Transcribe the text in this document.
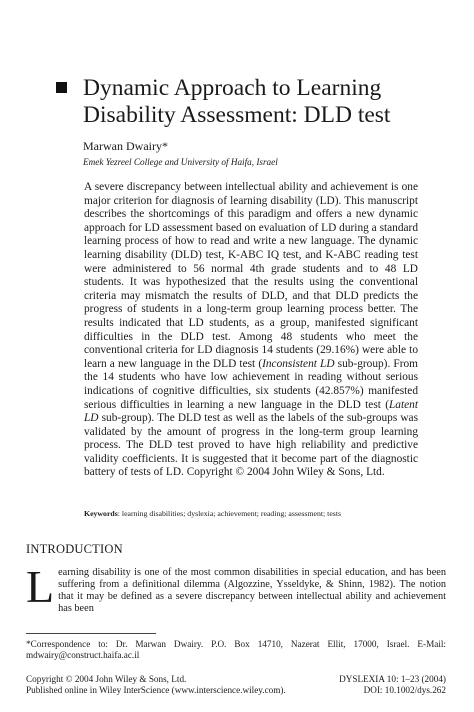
Dynamic Approach to Learning Disability Assessment: DLD test
Marwan Dwairy*
Emek Yezreel College and University of Haifa, Israel

A severe discrepancy between intellectual ability and achievement is one major criterion for diagnosis of learning disability (LD). This manuscript describes the shortcomings of this paradigm and offers a new dynamic approach for LD assessment based on evaluation of LD during a standard learning process of how to read and write a new language. The dynamic learning disability (DLD) test, K-ABC IQ test, and K-ABC reading test were administered to 56 normal 4th grade students and to 48 LD students. It was hypothesized that the results using the conventional criteria may mismatch the results of DLD, and that DLD predicts the progress of students in a long-term group learning process better. The results indicated that LD students, as a group, manifested significant difficulties in the DLD test. Among 48 students who meet the conventional criteria for LD diagnosis 14 students (29.16%) were able to learn a new language in the DLD test (Inconsistent LD sub-group). From the 14 students who have low achievement in reading without serious indications of cognitive difficulties, six students (42.857%) manifested serious difficulties in learning a new language in the DLD test (Latent LD sub-group). The DLD test as well as the labels of the sub-groups was validated by the amount of progress in the long-term group learning process. The DLD test proved to have high reliability and predictive validity coefficients. It is suggested that it become part of the diagnostic battery of tests of LD. Copyright © 2004 John Wiley & Sons, Ltd.

Keywords: learning disabilities; dyslexia; achievement; reading; assessment; tests
INTRODUCTION
Learning disability is one of the most common disabilities in special education, and has been suffering from a definitional dilemma (Algozzine, Ysseldyke, & Shinn, 1982). The notion that it may be defined as a severe discrepancy between intellectual ability and achievement has been
*Correspondence to: Dr. Marwan Dwairy. P.O. Box 14710, Nazerat Ellit, 17000, Israel. E-Mail: mdwairy@construct.haifa.ac.il
Copyright © 2004 John Wiley & Sons, Ltd.	DYSLEXIA 10: 1–23 (2004)
Published online in Wiley InterScience (www.interscience.wiley.com).	DOI: 10.1002/dys.262
